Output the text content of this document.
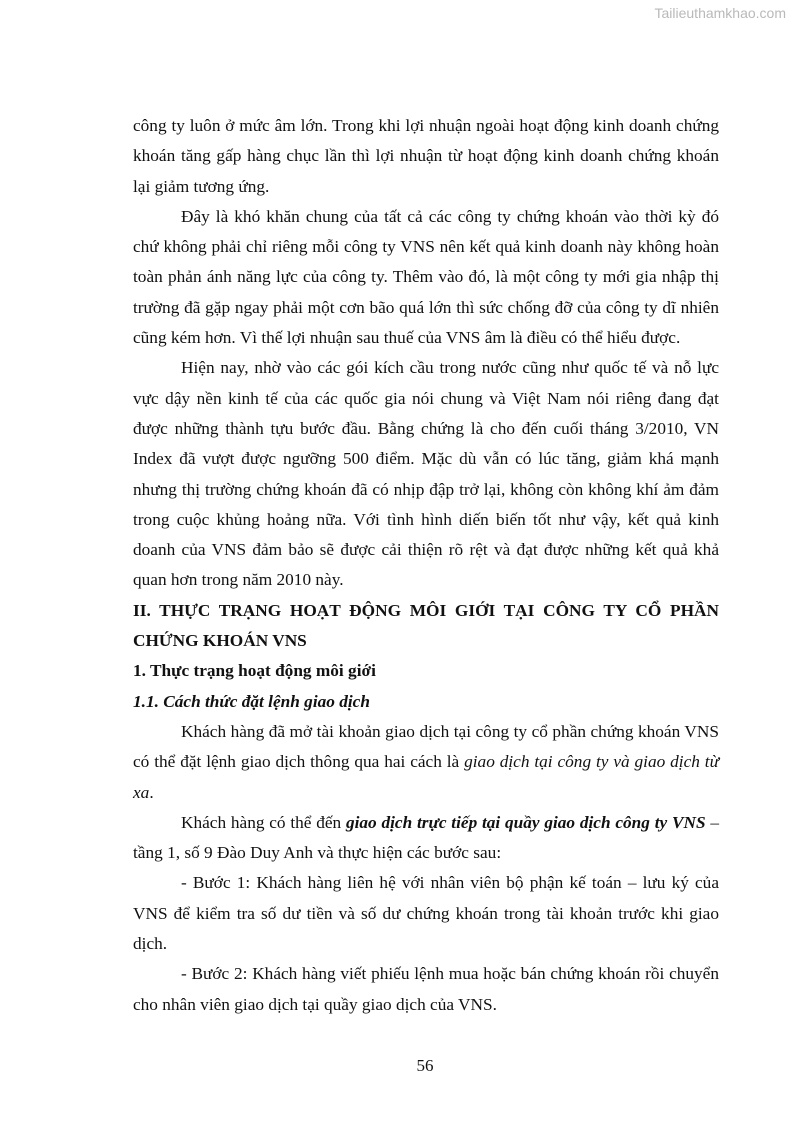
Tailieuthamkhao.com

công ty luôn ở mức âm lớn. Trong khi lợi nhuận ngoài hoạt động kinh doanh chứng khoán tăng gấp hàng chục lần thì lợi nhuận từ hoạt động kinh doanh chứng khoán lại giảm tương ứng.

Đây là khó khăn chung của tất cả các công ty chứng khoán vào thời kỳ đó chứ không phải chỉ riêng mỗi công ty VNS nên kết quả kinh doanh này không hoàn toàn phản ánh năng lực của công ty. Thêm vào đó, là một công ty mới gia nhập thị trường đã gặp ngay phải một cơn bão quá lớn thì sức chống đỡ của công ty dĩ nhiên cũng kém hơn. Vì thế lợi nhuận sau thuế của VNS âm là điều có thể hiểu được.

Hiện nay, nhờ vào các gói kích cầu trong nước cũng như quốc tế và nỗ lực vực dậy nền kinh tế của các quốc gia nói chung và Việt Nam nói riêng đang đạt được những thành tựu bước đầu. Bằng chứng là cho đến cuối tháng 3/2010, VN Index đã vượt được ngưỡng 500 điểm. Mặc dù vẫn có lúc tăng, giảm khá mạnh nhưng thị trường chứng khoán đã có nhịp đập trở lại, không còn không khí ảm đảm trong cuộc khủng hoảng nữa. Với tình hình diến biến tốt như vậy, kết quả kinh doanh của VNS đảm bảo sẽ được cải thiện rõ rệt và đạt được những kết quả khả quan hơn trong năm 2010 này.

II. THỰC TRẠNG HOẠT ĐỘNG MÔI GIỚI TẠI CÔNG TY CỔ PHẦN CHỨNG KHOÁN VNS

1. Thực trạng hoạt động môi giới

1.1. Cách thức đặt lệnh giao dịch

Khách hàng đã mở tài khoản giao dịch tại công ty cổ phần chứng khoán VNS có thể đặt lệnh giao dịch thông qua hai cách là giao dịch tại công ty và giao dịch từ xa.

Khách hàng có thể đến giao dịch trực tiếp tại quầy giao dịch công ty VNS – tầng 1, số 9 Đào Duy Anh và thực hiện các bước sau:

- Bước 1: Khách hàng liên hệ với nhân viên bộ phận kế toán – lưu ký của VNS để kiểm tra số dư tiền và số dư chứng khoán trong tài khoản trước khi giao dịch.

- Bước 2: Khách hàng viết phiếu lệnh mua hoặc bán chứng khoán rồi chuyển cho nhân viên giao dịch tại quầy giao dịch của VNS.

56
